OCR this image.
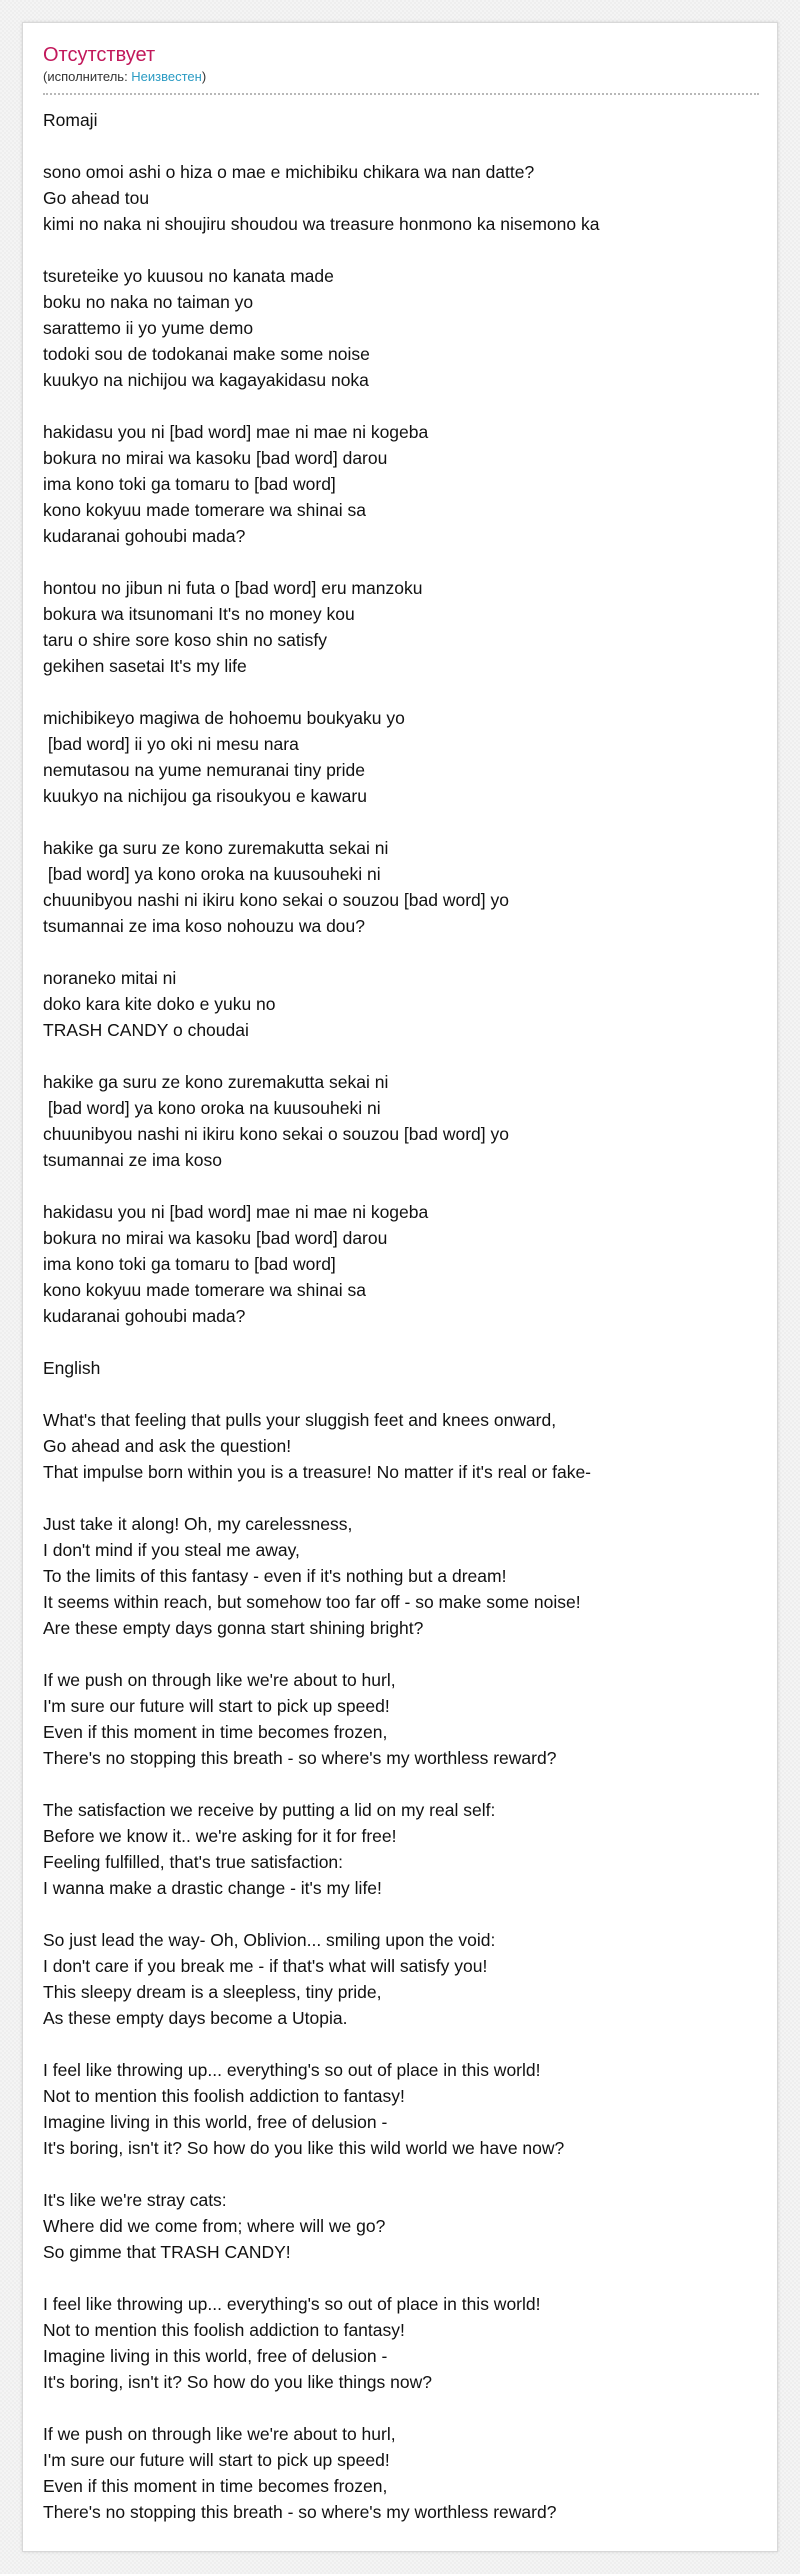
Отсутствует
(исполнитель: Неизвестен)
Romaji
sono omoi ashi o hiza o mae e michibiku chikara wa nan datte?
Go ahead tou
kimi no naka ni shoujiru shoudou wa treasure honmono ka nisemono ka
tsureteike yo kuusou no kanata made
boku no naka no taiman yo
sarattemo ii yo yume demo
todoki sou de todokanai make some noise
kuukyo na nichijou wa kagayakidasu noka
hakidasu you ni [bad word] mae ni mae ni kogeba
bokura no mirai wa kasoku [bad word] darou
ima kono toki ga tomaru to [bad word]
kono kokyuu made tomerare wa shinai sa
kudaranai gohoubi mada?
hontou no jibun ni futa o [bad word] eru manzoku
bokura wa itsunomani It's no money kou
taru o shire sore koso shin no satisfy
gekihen sasetai It's my life
michibikeyo magiwa de hohoemu boukyaku yo
[bad word] ii yo oki ni mesu nara
nemutasou na yume nemuranai tiny pride
kuukyo na nichijou ga risoukyou e kawaru
hakike ga suru ze kono zuremakutta sekai ni
[bad word] ya kono oroka na kuusouheki ni
chuunibyou nashi ni ikiru kono sekai o souzou [bad word] yo
tsumannai ze ima koso nohouzu wa dou?
noraneko mitai ni
doko kara kite doko e yuku no
TRASH CANDY o choudai
hakike ga suru ze kono zuremakutta sekai ni
[bad word] ya kono oroka na kuusouheki ni
chuunibyou nashi ni ikiru kono sekai o souzou [bad word] yo
tsumannai ze ima koso
hakidasu you ni [bad word] mae ni mae ni kogeba
bokura no mirai wa kasoku [bad word] darou
ima kono toki ga tomaru to [bad word]
kono kokyuu made tomerare wa shinai sa
kudaranai gohoubi mada?
English
What's that feeling that pulls your sluggish feet and knees onward,
Go ahead and ask the question!
That impulse born within you is a treasure! No matter if it's real or fake-
Just take it along! Oh, my carelessness,
I don't mind if you steal me away,
To the limits of this fantasy - even if it's nothing but a dream!
It seems within reach, but somehow too far off - so make some noise!
Are these empty days gonna start shining bright?
If we push on through like we're about to hurl,
I'm sure our future will start to pick up speed!
Even if this moment in time becomes frozen,
There's no stopping this breath - so where's my worthless reward?
The satisfaction we receive by putting a lid on my real self:
Before we know it.. we're asking for it for free!
Feeling fulfilled, that's true satisfaction:
I wanna make a drastic change - it's my life!
So just lead the way- Oh, Oblivion... smiling upon the void:
I don't care if you break me - if that's what will satisfy you!
This sleepy dream is a sleepless, tiny pride,
As these empty days become a Utopia.
I feel like throwing up... everything's so out of place in this world!
Not to mention this foolish addiction to fantasy!
Imagine living in this world, free of delusion -
It's boring, isn't it? So how do you like this wild world we have now?
It's like we're stray cats:
Where did we come from; where will we go?
So gimme that TRASH CANDY!
I feel like throwing up... everything's so out of place in this world!
Not to mention this foolish addiction to fantasy!
Imagine living in this world, free of delusion -
It's boring, isn't it? So how do you like things now?
If we push on through like we're about to hurl,
I'm sure our future will start to pick up speed!
Even if this moment in time becomes frozen,
There's no stopping this breath - so where's my worthless reward?
